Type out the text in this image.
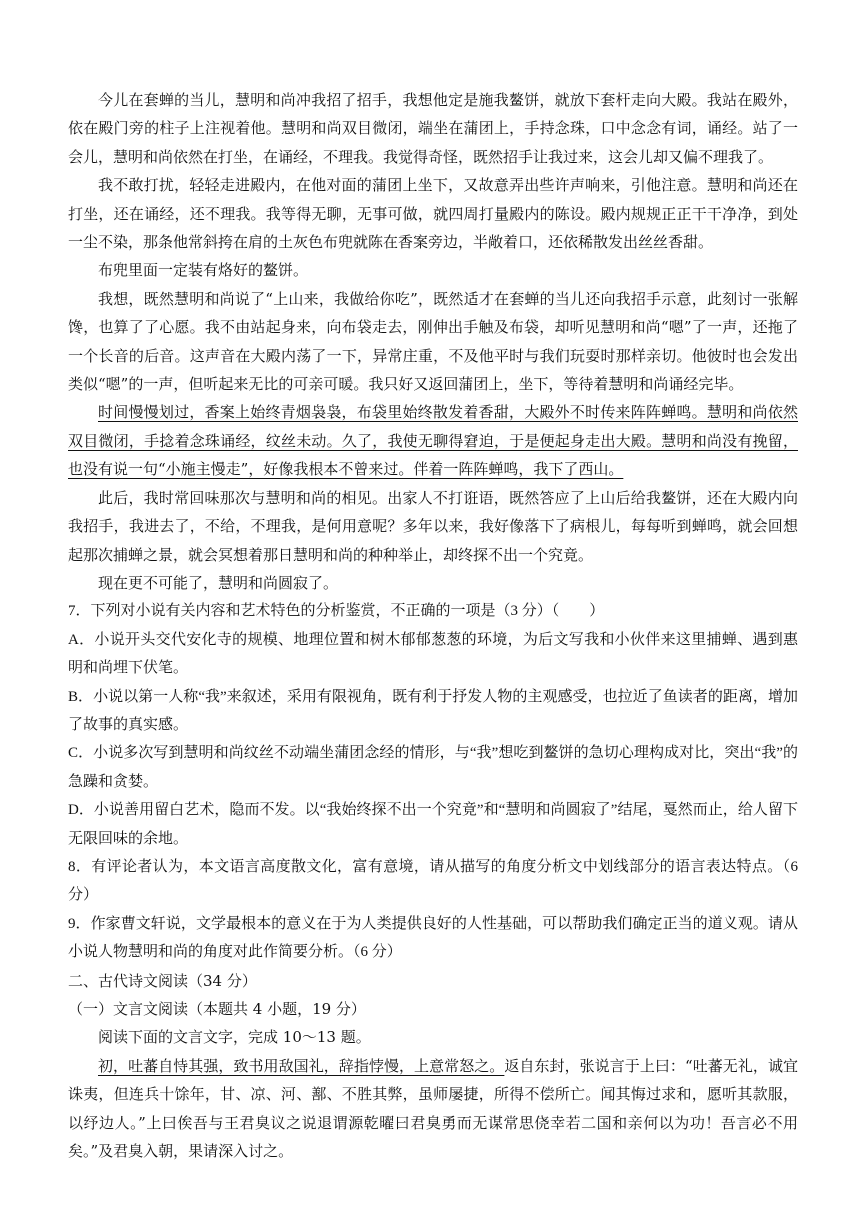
今儿在套蝉的当儿，慧明和尚冲我招了招手，我想他定是施我鳌饼，就放下套杆走向大殿。我站在殿外，依在殿门旁的柱子上注视着他。慧明和尚双目微闭，端坐在蒲团上，手持念珠，口中念念有词，诵经。站了一会儿，慧明和尚依然在打坐，在诵经，不理我。我觉得奇怪，既然招手让我过来，这会儿却又偏不理我了。

我不敢打扰，轻轻走进殿内，在他对面的蒲团上坐下，又故意弄出些许声响来，引他注意。慧明和尚还在打坐，还在诵经，还不理我。我等得无聊，无事可做，就四周打量殿内的陈设。殿内规规正正干干净净，到处一尘不染，那条他常斜挎在肩的土灰色布兜就陈在香案旁边，半敞着口，还依稀散发出丝丝香甜。

布兜里面一定装有烙好的鳌饼。

我想，既然慧明和尚说了“上山来，我做给你吃”，既然适才在套蝉的当儿还向我招手示意，此刻讨一张解馋，也算了了心愿。我不由站起身来，向布袋走去，刚伸出手触及布袋，却听见慧明和尚“嗯”了一声，还拖了一个长音的后音。这声音在大殿内荡了一下，异常庄重，不及他平时与我们玩耍时那样亲切。他彼时也会发出类似“嗯”的一声，但听起来无比的可亲可暖。我只好又返回蒲团上，坐下，等待着慧明和尚诵经完毕。

时间慢慢划过，香案上始终青烟袅袅，布袋里始终散发着香甜，大殿外不时传来阵阵蝉鸣。慧明和尚依然双目微闭，手捻着念珠诵经，纹丝未动。久了，我使无聊得窘迫，于是便起身走出大殿。慧明和尚没有挽留，也没有说一句“小施主慢走”，好像我根本不曾来过。伴着一阵阵蝉鸣，我下了西山。

此后，我时常回味那次与慧明和尚的相见。出家人不打诳语，既然答应了上山后给我鳌饼，还在大殿内向我招手，我进去了，不给，不理我，是何用意呢？多年以来，我好像落下了病根儿，每每听到蝉鸣，就会回想起那次捕蝉之景，就会冥想着那日慧明和尚的种种举止，却终探不出一个究竟。

现在更不可能了，慧明和尚圆寂了。

7．下列对小说有关内容和艺术特色的分析鉴赏，不正确的一项是（3 分）（　　）

A．小说开头交代安化寺的规模、地理位置和树木郁郁葱葱的环境，为后文写我和小伙伴来这里捕蝉、遇到惠明和尚埋下伏笔。

B．小说以第一人称“我”来叙述，采用有限视角，既有利于抒发人物的主观感受，也拉近了鱼读者的距离，增加了故事的真实感。

C．小说多次写到慧明和尚纹丝不动端坐蒲团念经的情形，与“我”想吃到鳌饼的急切心理构成对比，突出“我”的急躁和贪婪。

D．小说善用留白艺术，隐而不发。以“我始终探不出一个究竟”和“慧明和尚圆寂了”结尾，戛然而止，给人留下无限回味的余地。

8．有评论者认为，本文语言高度散文化，富有意境，请从描写的角度分析文中划线部分的语言表达特点。（6 分）

9．作家曹文轩说，文学最根本的意义在于为人类提供良好的人性基础，可以帮助我们确定正当的道义观。请从小说人物慧明和尚的角度对此作简要分析。（6 分）

二、古代诗文阅读（34 分）

（一）文言文阅读（本题共 4 小题，19 分）

阅读下面的文言文字，完成 10～13 题。

初，吐蕃自恃其强，致书用敌国礼，辞指悖慢，上意常怒之。返自东封，张说言于上曰：“吐蕃无礼，诚宜诛夷，但连兵十馀年，甘、凉、河、鄯、不胜其弊，虽师屡捷，所得不偿所亡。闻其悔过求和，愿听其款服，以纾边人。”上曰俟吾与王君臭议之说退谓源乾曜曰君臭勇而无谋常思侥幸若二国和亲何以为功！吾言必不用矣。”及君臭入朝，果请深入讨之。
